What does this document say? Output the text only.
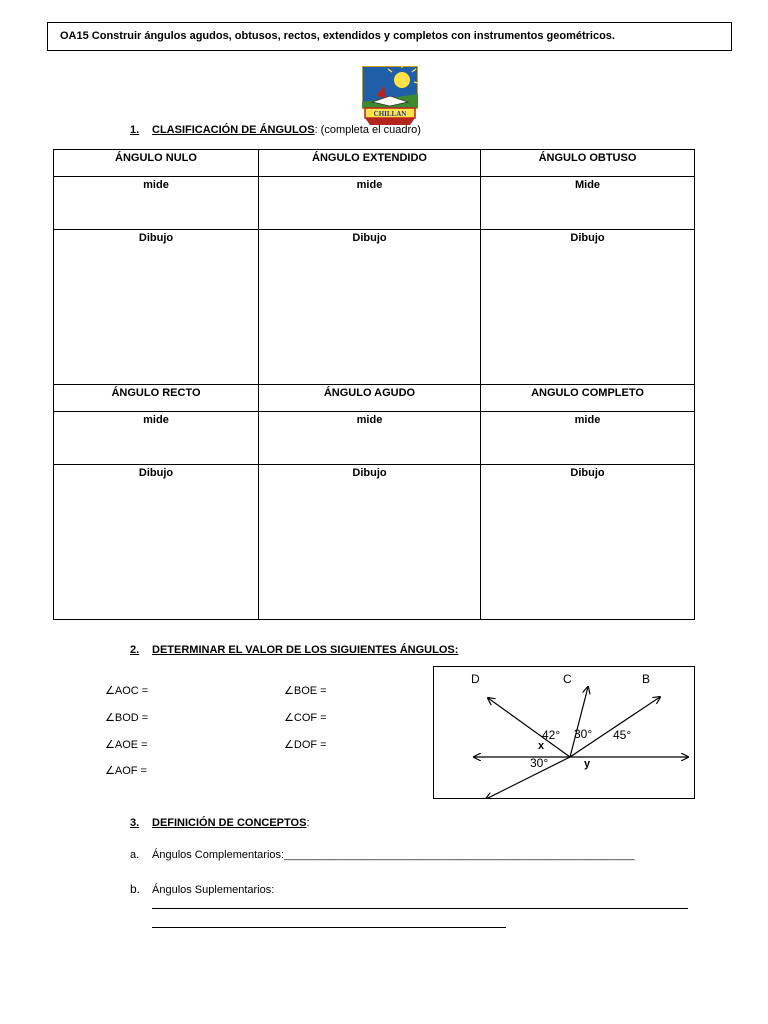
OA15 Construir ángulos agudos, obtusos, rectos, extendidos y completos con instrumentos geométricos.
CHILLAN
1. CLASIFICACIÓN DE ÁNGULOS: (completa el cuadro)
ÁNGULO NULO	ÁNGULO EXTENDIDO	ÁNGULO OBTUSO
mide	mide	Mide
Dibujo	Dibujo	Dibujo
ÁNGULO RECTO	ÁNGULO AGUDO	ANGULO COMPLETO
mide	mide	mide
Dibujo	Dibujo	Dibujo
2. DETERMINAR EL VALOR DE LOS SIGUIENTES ÁNGULOS:
∠AOC =
∠BOD =
∠AOE =
∠AOF =
∠BOE =
∠COF =
∠DOF =
D	C	B
42° 30° 45°
x
y
30°
3. DEFINICIÓN DE CONCEPTOS:
a. Ángulos Complementarios:_______________________________________________________________
b. Ángulos Suplementarios:
